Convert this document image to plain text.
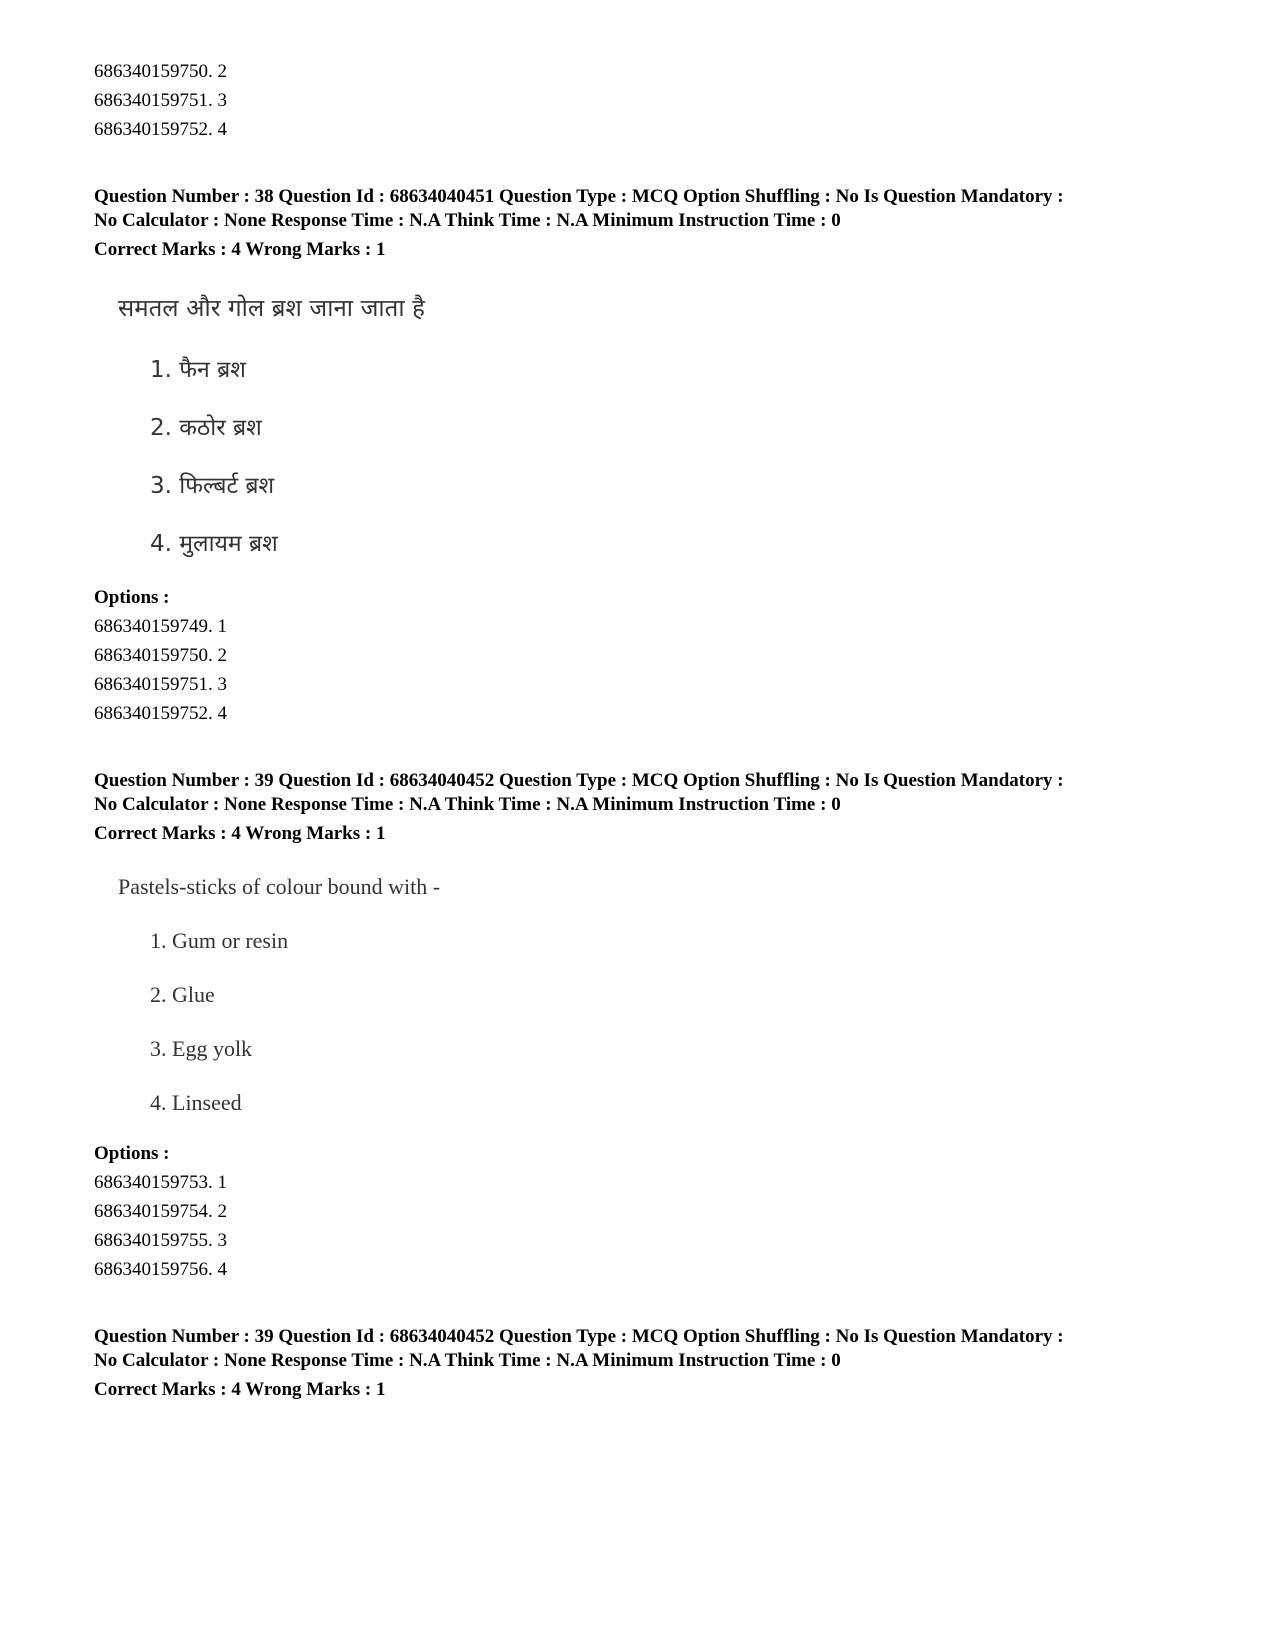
686340159750. 2
686340159751. 3
686340159752. 4
Question Number : 38 Question Id : 68634040451 Question Type : MCQ Option Shuffling : No Is Question Mandatory :
No Calculator : None Response Time : N.A Think Time : N.A Minimum Instruction Time : 0
Correct Marks : 4 Wrong Marks : 1
समतल और गोल ब्रश जाना जाता है
1. फैन ब्रश
2. कठोर ब्रश
3. फिल्बर्ट ब्रश
4. मुलायम ब्रश
Options :
686340159749. 1
686340159750. 2
686340159751. 3
686340159752. 4
Question Number : 39 Question Id : 68634040452 Question Type : MCQ Option Shuffling : No Is Question Mandatory :
No Calculator : None Response Time : N.A Think Time : N.A Minimum Instruction Time : 0
Correct Marks : 4 Wrong Marks : 1
Pastels-sticks of colour bound with -
1. Gum or resin
2. Glue
3. Egg yolk
4. Linseed
Options :
686340159753. 1
686340159754. 2
686340159755. 3
686340159756. 4
Question Number : 39 Question Id : 68634040452 Question Type : MCQ Option Shuffling : No Is Question Mandatory :
No Calculator : None Response Time : N.A Think Time : N.A Minimum Instruction Time : 0
Correct Marks : 4 Wrong Marks : 1
